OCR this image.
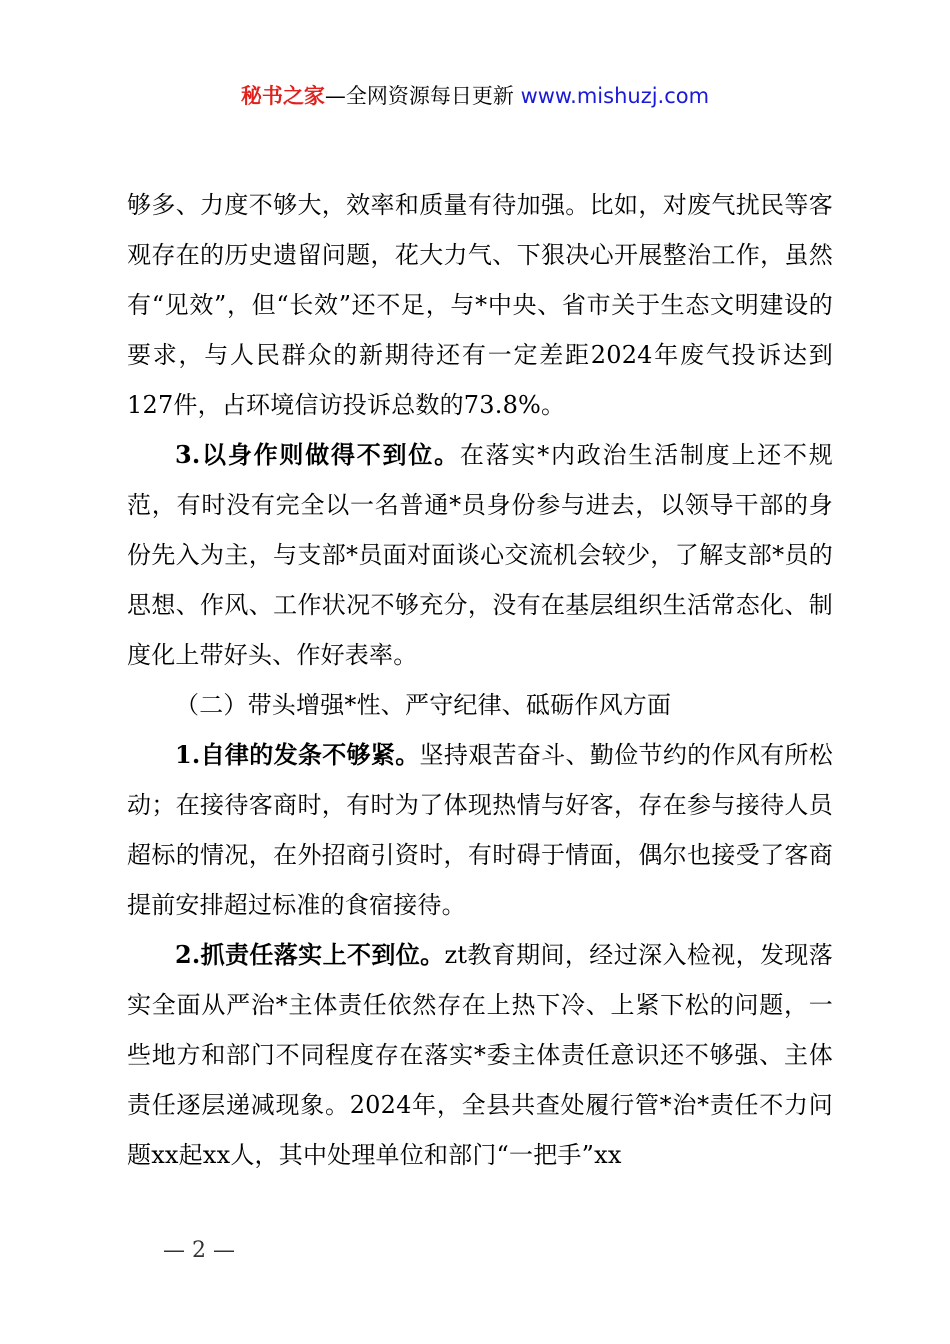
秘书之家—全网资源每日更新 www.mishuzj.com

够多、力度不够大，效率和质量有待加强。比如，对废气扰民等客观存在的历史遗留问题，花大力气、下狠决心开展整治工作，虽然有“见效”，但“长效”还不足，与*中央、省市关于生态文明建设的要求，与人民群众的新期待还有一定差距2024年废气投诉达到127件，占环境信访投诉总数的73.8%。

3.以身作则做得不到位。在落实*内政治生活制度上还不规范，有时没有完全以一名普通*员身份参与进去，以领导干部的身份先入为主，与支部*员面对面谈心交流机会较少，了解支部*员的思想、作风、工作状况不够充分，没有在基层组织生活常态化、制度化上带好头、作好表率。

（二）带头增强*性、严守纪律、砥砺作风方面

1.自律的发条不够紧。坚持艰苦奋斗、勤俭节约的作风有所松动；在接待客商时，有时为了体现热情与好客，存在参与接待人员超标的情况，在外招商引资时，有时碍于情面，偶尔也接受了客商提前安排超过标准的食宿接待。

2.抓责任落实上不到位。zt教育期间，经过深入检视，发现落实全面从严治*主体责任依然存在上热下冷、上紧下松的问题，一些地方和部门不同程度存在落实*委主体责任意识还不够强、主体责任逐层递减现象。2024年，全县共查处履行管*治*责任不力问题xx起xx人，其中处理单位和部门“一把手”xx

— 2 —
